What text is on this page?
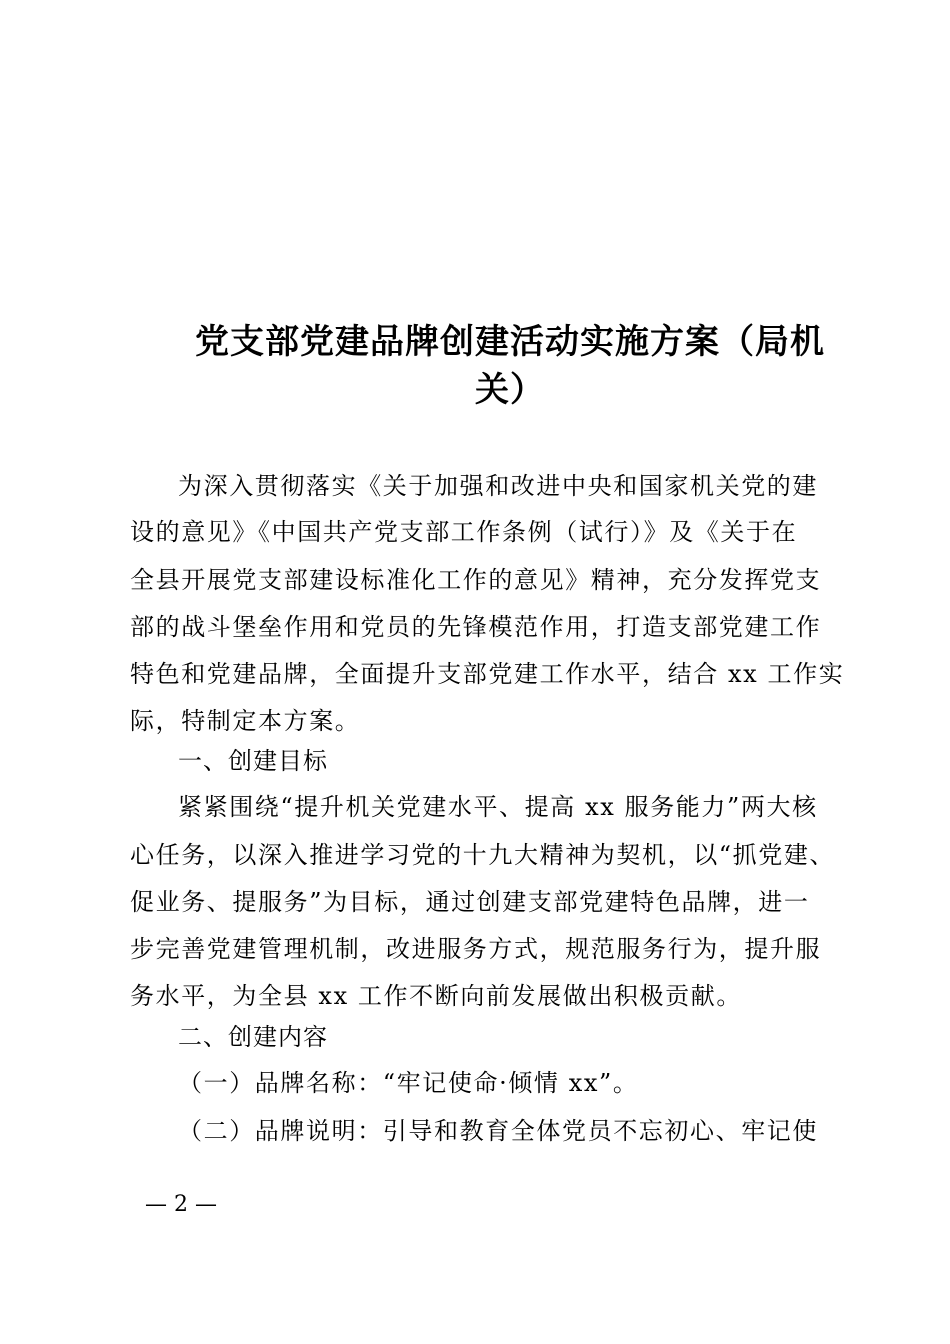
党支部党建品牌创建活动实施方案（局机
关）
为深入贯彻落实《关于加强和改进中央和国家机关党的建
设的意见》《中国共产党支部工作条例（试行）》及《关于在
全县开展党支部建设标准化工作的意见》精神，充分发挥党支
部的战斗堡垒作用和党员的先锋模范作用，打造支部党建工作
特色和党建品牌，全面提升支部党建工作水平，结合 xx 工作实
际，特制定本方案。
一、创建目标
紧紧围绕“提升机关党建水平、提高 xx 服务能力”两大核
心任务，以深入推进学习党的十九大精神为契机，以“抓党建、
促业务、提服务”为目标，通过创建支部党建特色品牌，进一
步完善党建管理机制，改进服务方式，规范服务行为，提升服
务水平，为全县 xx 工作不断向前发展做出积极贡献。
二、创建内容
（一）品牌名称：“牢记使命·倾情 xx”。
（二）品牌说明：引导和教育全体党员不忘初心、牢记使
— 2 —
